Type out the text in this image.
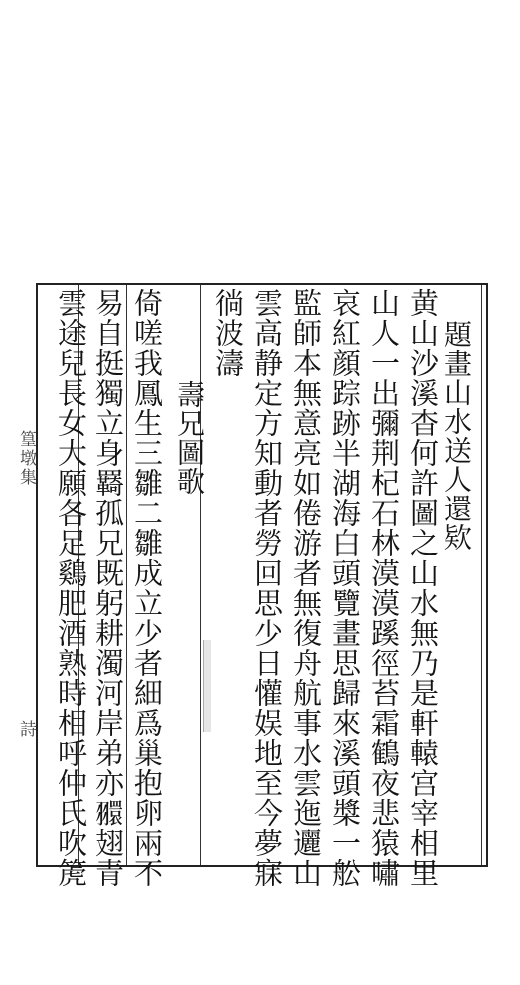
題畫山水送人還欵
黄山沙溪杳何許圖之山水無乃是軒轅宫宰相里
山人一出彌荆杞石林漠漠蹊徑苔霜鶴夜悲猿嘯
哀紅顔踪跡半湖海白頭覽畫思歸來溪頭槳一舩
監師本無意亮如倦游者無復舟航事水雲迤邐山
雲高静定方知動者勞回思少日懽娱地至今夢寐
徜波濤
壽兄圖歌
倚嗟我鳳生三雛二雛成立少者細爲巢抱卵兩不
易自挺獨立身羇孤兄既躬耕濁河岸弟亦𦒠翅青
雲途兒長女大願各足鷄肥酒熟時相呼仲氏吹箎
篁墩集
詩
